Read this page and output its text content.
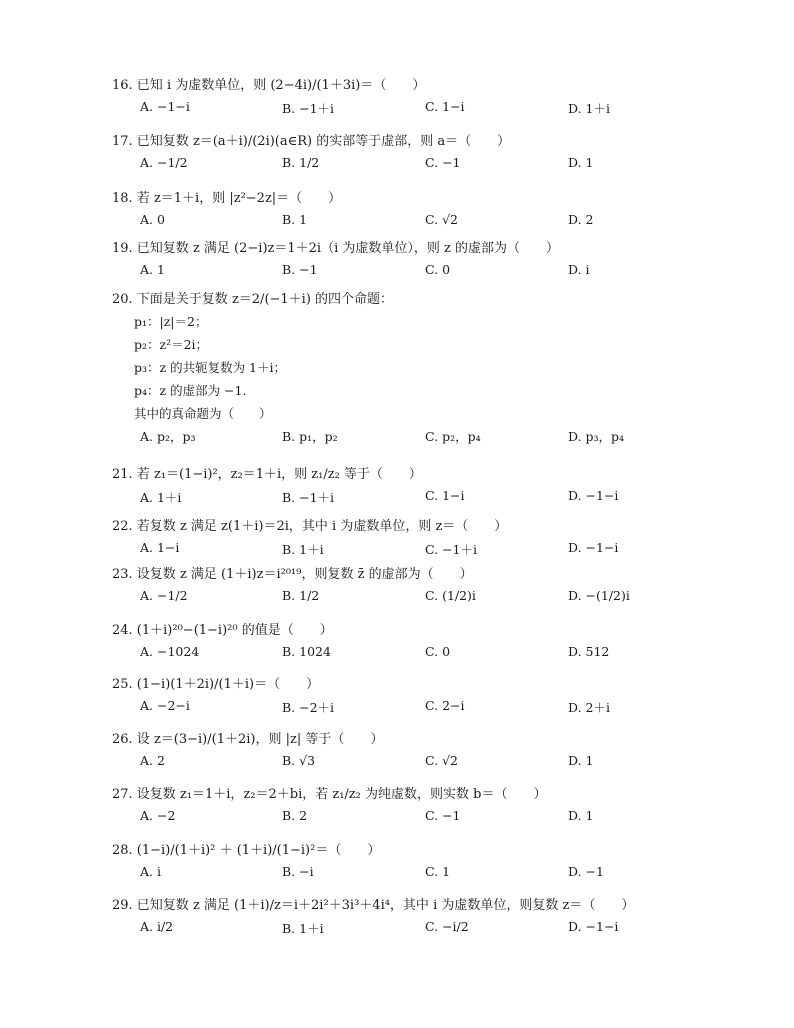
16. 已知 i 为虚数单位，则 (2−4i)/(1＋3i)＝（　　）
A. −1−i	B. −1＋i	C. 1−i	D. 1＋i
17. 已知复数 z＝(a＋i)/(2i)(a∈R) 的实部等于虚部，则 a＝（　　）
A. −1/2	B. 1/2	C. −1	D. 1
18. 若 z＝1＋i，则 |z²−2z|＝（　　）
A. 0	B. 1	C. √2	D. 2
19. 已知复数 z 满足 (2−i)z＝1＋2i（i 为虚数单位），则 z 的虚部为（　　）
A. 1	B. −1	C. 0	D. i
20. 下面是关于复数 z＝2/(−1＋i) 的四个命题：
p₁：|z|＝2；
p₂：z²＝2i；
p₃：z 的共轭复数为 1＋i；
p₄：z 的虚部为 −1.
其中的真命题为（　　）
A. p₂，p₃	B. p₁，p₂	C. p₂，p₄	D. p₃，p₄
21. 若 z₁＝(1−i)²，z₂＝1＋i，则 z₁/z₂ 等于（　　）
A. 1＋i	B. −1＋i	C. 1−i	D. −1−i
22. 若复数 z 满足 z(1＋i)＝2i，其中 i 为虚数单位，则 z＝（　　）
A. 1−i	B. 1＋i	C. −1＋i	D. −1−i
23. 设复数 z 满足 (1＋i)z＝i²⁰¹⁹，则复数 z̄ 的虚部为（　　）
A. −1/2	B. 1/2	C. (1/2)i	D. −(1/2)i
24. (1＋i)²⁰−(1−i)²⁰ 的值是（　　）
A. −1024	B. 1024	C. 0	D. 512
25. (1−i)(1＋2i)/(1＋i)＝（　　）
A. −2−i	B. −2＋i	C. 2−i	D. 2＋i
26. 设 z＝(3−i)/(1＋2i)，则 |z| 等于（　　）
A. 2	B. √3	C. √2	D. 1
27. 设复数 z₁＝1＋i，z₂＝2＋bi，若 z₁/z₂ 为纯虚数，则实数 b＝（　　）
A. −2	B. 2	C. −1	D. 1
28. (1−i)/(1＋i)² ＋ (1＋i)/(1−i)²＝（　　）
A. i	B. −i	C. 1	D. −1
29. 已知复数 z 满足 (1＋i)/z＝i＋2i²＋3i³＋4i⁴，其中 i 为虚数单位，则复数 z＝（　　）
A. i/2	B. 1＋i	C. −i/2	D. −1−i
